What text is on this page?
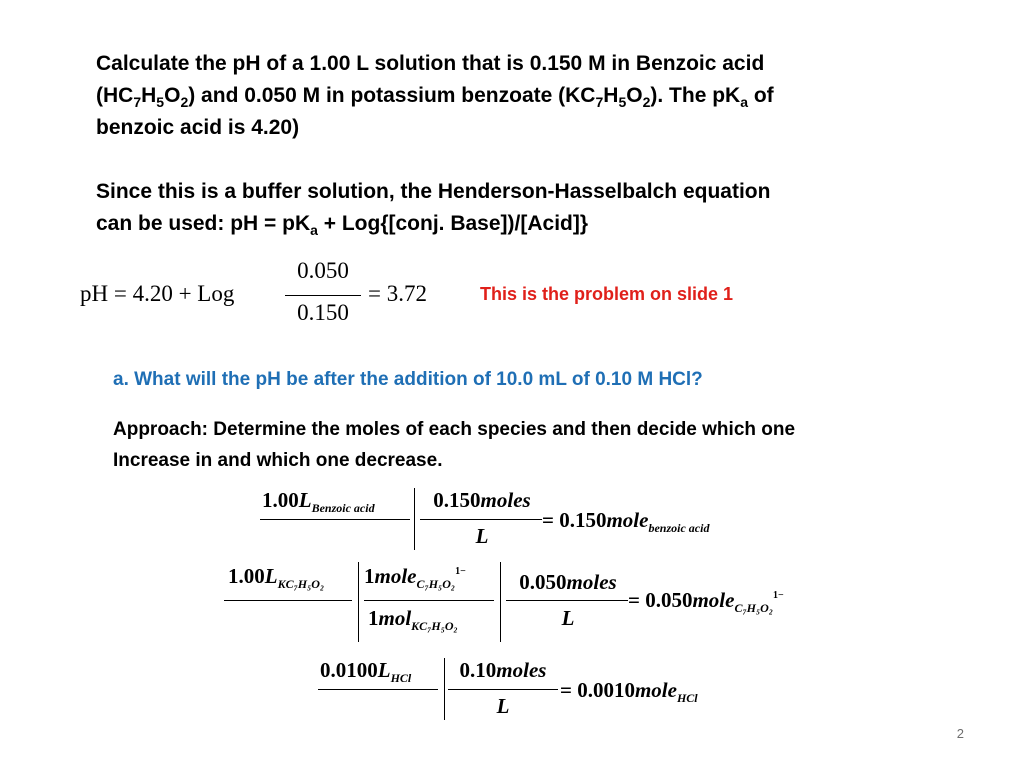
Calculate the pH of a 1.00 L solution that is 0.150 M in Benzoic acid
$(HC_7H_5O_2)$ and 0.050 M in potassium benzoate $(KC_7H_5O_2)$. The $pK_a$ of
benzoic acid is 4.20)
Since this is a buffer solution, the Henderson-Hasselbalch equation
can be used: pH = $pK_a$ + Log{[conj. Base])/[Acid]}
pH = 4.20 + Log
0.050
0.150
= 3.72	This is the problem on slide 1
a. What will the pH be after the addition of 10.0 mL of 0.10 M HCl?
Approach: Determine the moles of each species and then decide which one
Increase in and which one decrease.
$1.00L_{Benzoic acid}$	0.150moles
L
= 0.150mole$_{benzoic acid}$
$1.00L_{KC_7H_5O_2}$ 1mole$_{C_7H_5O_2}^{1-}$
1mol$_{KC_7H_5O_2}$
0.050moles
L
= 0.050mole$_{C_7H_5O_2}^{1-}$
$0.0100L_{HCl}$	0.10moles
L
= 0.0010mole$_{HCl}$
2
